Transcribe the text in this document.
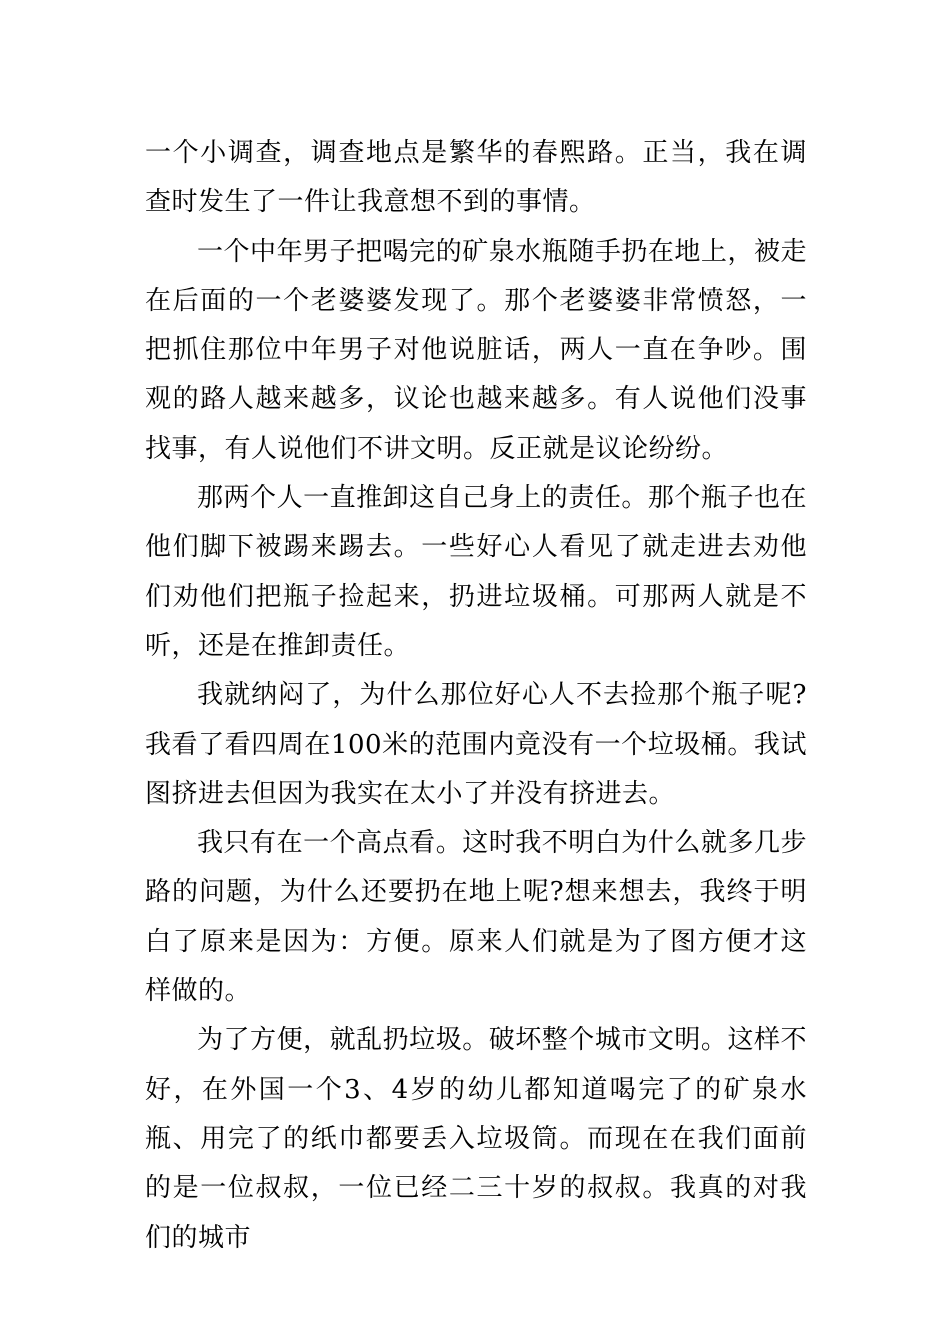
一个小调查，调查地点是繁华的春熙路。正当，我在调查时发生了一件让我意想不到的事情。

一个中年男子把喝完的矿泉水瓶随手扔在地上，被走在后面的一个老婆婆发现了。那个老婆婆非常愤怒，一把抓住那位中年男子对他说脏话，两人一直在争吵。围观的路人越来越多，议论也越来越多。有人说他们没事找事，有人说他们不讲文明。反正就是议论纷纷。

那两个人一直推卸这自己身上的责任。那个瓶子也在他们脚下被踢来踢去。一些好心人看见了就走进去劝他们劝他们把瓶子捡起来，扔进垃圾桶。可那两人就是不听，还是在推卸责任。

我就纳闷了，为什么那位好心人不去捡那个瓶子呢?我看了看四周在100米的范围内竟没有一个垃圾桶。我试图挤进去但因为我实在太小了并没有挤进去。

我只有在一个高点看。这时我不明白为什么就多几步路的问题，为什么还要扔在地上呢?想来想去，我终于明白了原来是因为：方便。原来人们就是为了图方便才这样做的。

为了方便，就乱扔垃圾。破坏整个城市文明。这样不好，在外国一个3、4岁的幼儿都知道喝完了的矿泉水瓶、用完了的纸巾都要丢入垃圾筒。而现在在我们面前的是一位叔叔，一位已经二三十岁的叔叔。我真的对我们的城市
